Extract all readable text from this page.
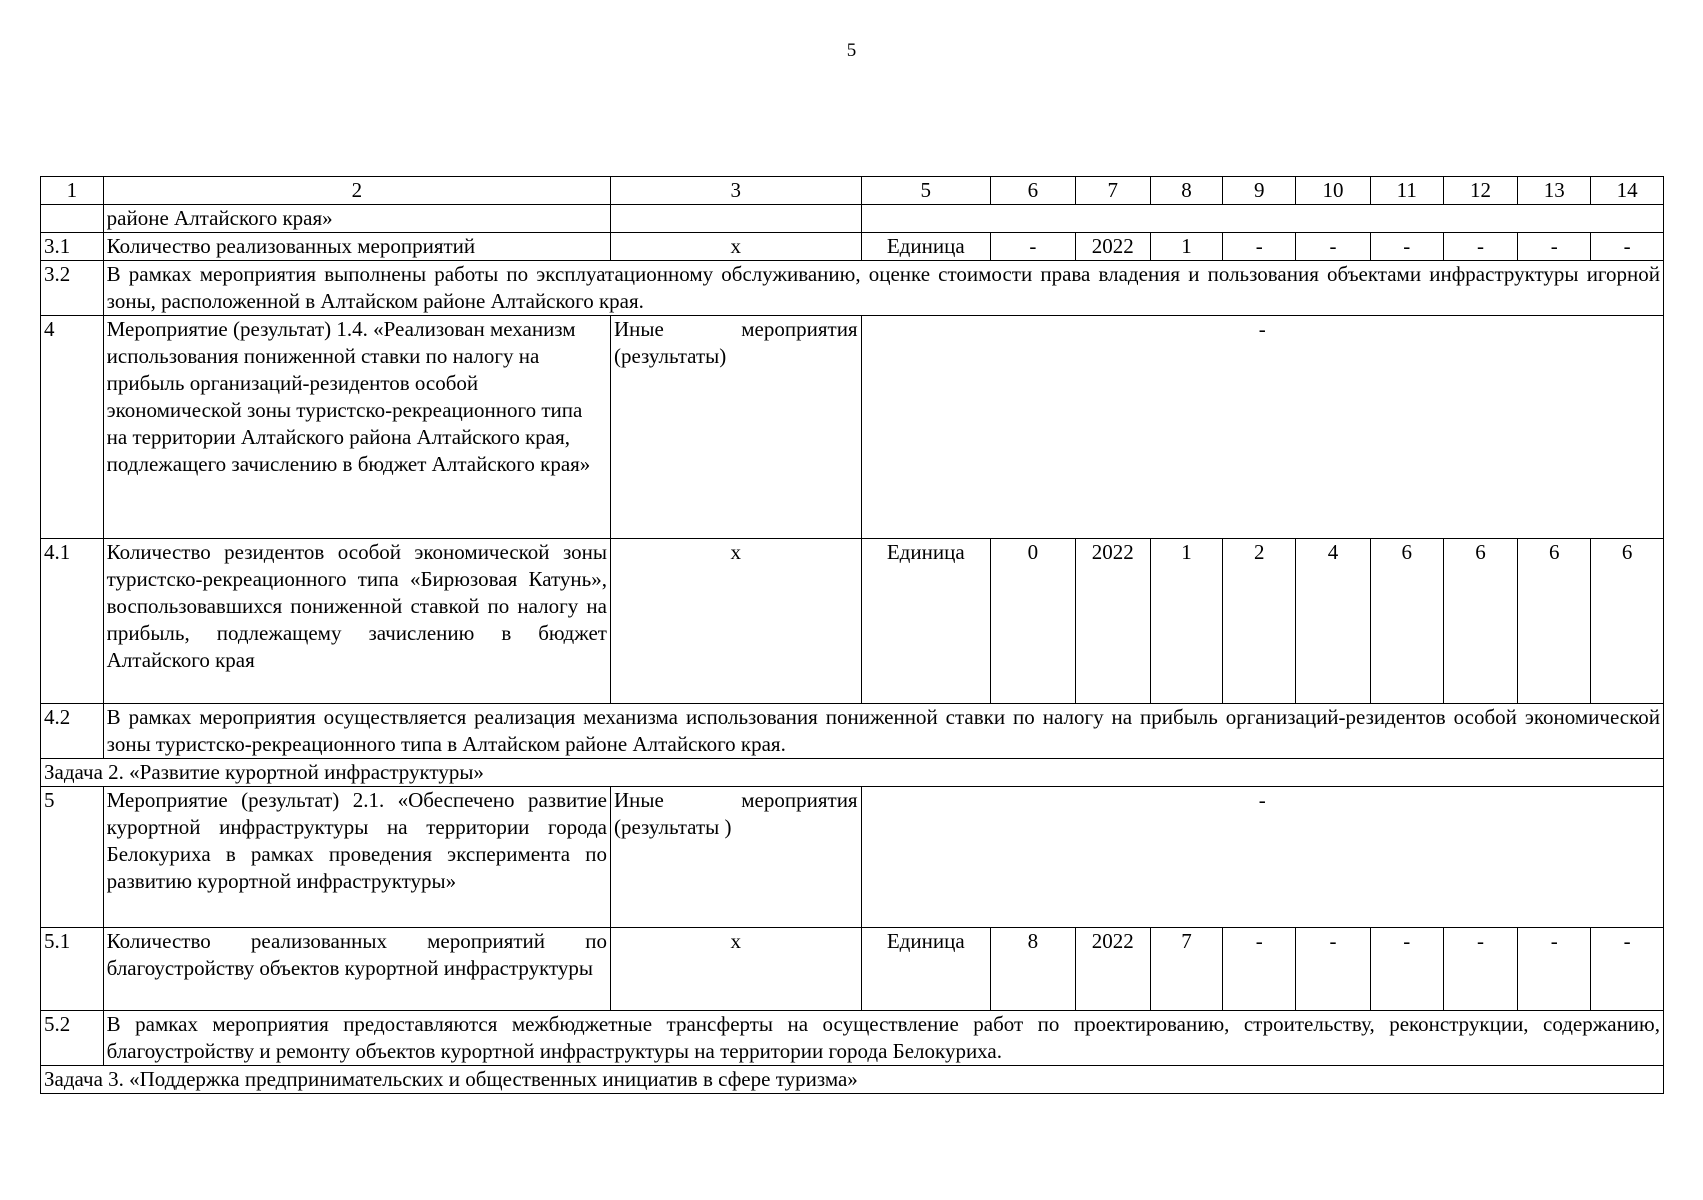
5
1	2	3	5	6	7	8	9	10	11	12	13	14
	районе Алтайского края»											
3.1	Количество реализованных мероприятий	x	Единица	-	2022	1	-	-	-	-	-	-
3.2	В рамках мероприятия выполнены работы по эксплуатационному обслуживанию, оценке стоимости права владения и пользования объектами инфраструктуры игорной зоны, расположенной в Алтайском районе Алтайского края.											
4	Мероприятие (результат) 1.4. «Реализован механизм использования пониженной ставки по налогу на прибыль организаций-резидентов особой экономической зоны туристско-рекреационного типа на территории Алтайского района Алтайского края, подлежащего зачислению в бюджет Алтайского края»	Иные мероприятия (результаты)	-									
4.1	Количество резидентов особой экономической зоны туристско-рекреационного типа «Бирюзовая Катунь», воспользовавшихся пониженной ставкой по налогу на прибыль, подлежащему зачислению в бюджет Алтайского края	x	Единица	0	2022	1	2	4	6	6	6	6
4.2	В рамках мероприятия осуществляется реализация механизма использования пониженной ставки по налогу на прибыль организаций-резидентов особой экономической зоны туристско-рекреационного типа в Алтайском районе Алтайского края.											
Задача 2. «Развитие курортной инфраструктуры»												
5	Мероприятие (результат) 2.1. «Обеспечено развитие курортной инфраструктуры на территории города Белокуриха в рамках проведения эксперимента по развитию курортной инфраструктуры»	Иные мероприятия (результаты )	-									
5.1	Количество реализованных мероприятий по благоустройству объектов курортной инфраструктуры	x	Единица	8	2022	7	-	-	-	-	-	-
5.2	В рамках мероприятия предоставляются межбюджетные трансферты на осуществление работ по проектированию, строительству, реконструкции, содержанию, благоустройству и ремонту объектов курортной инфраструктуры на территории города Белокуриха.											
Задача 3. «Поддержка предпринимательских и общественных инициатив в сфере туризма»												
